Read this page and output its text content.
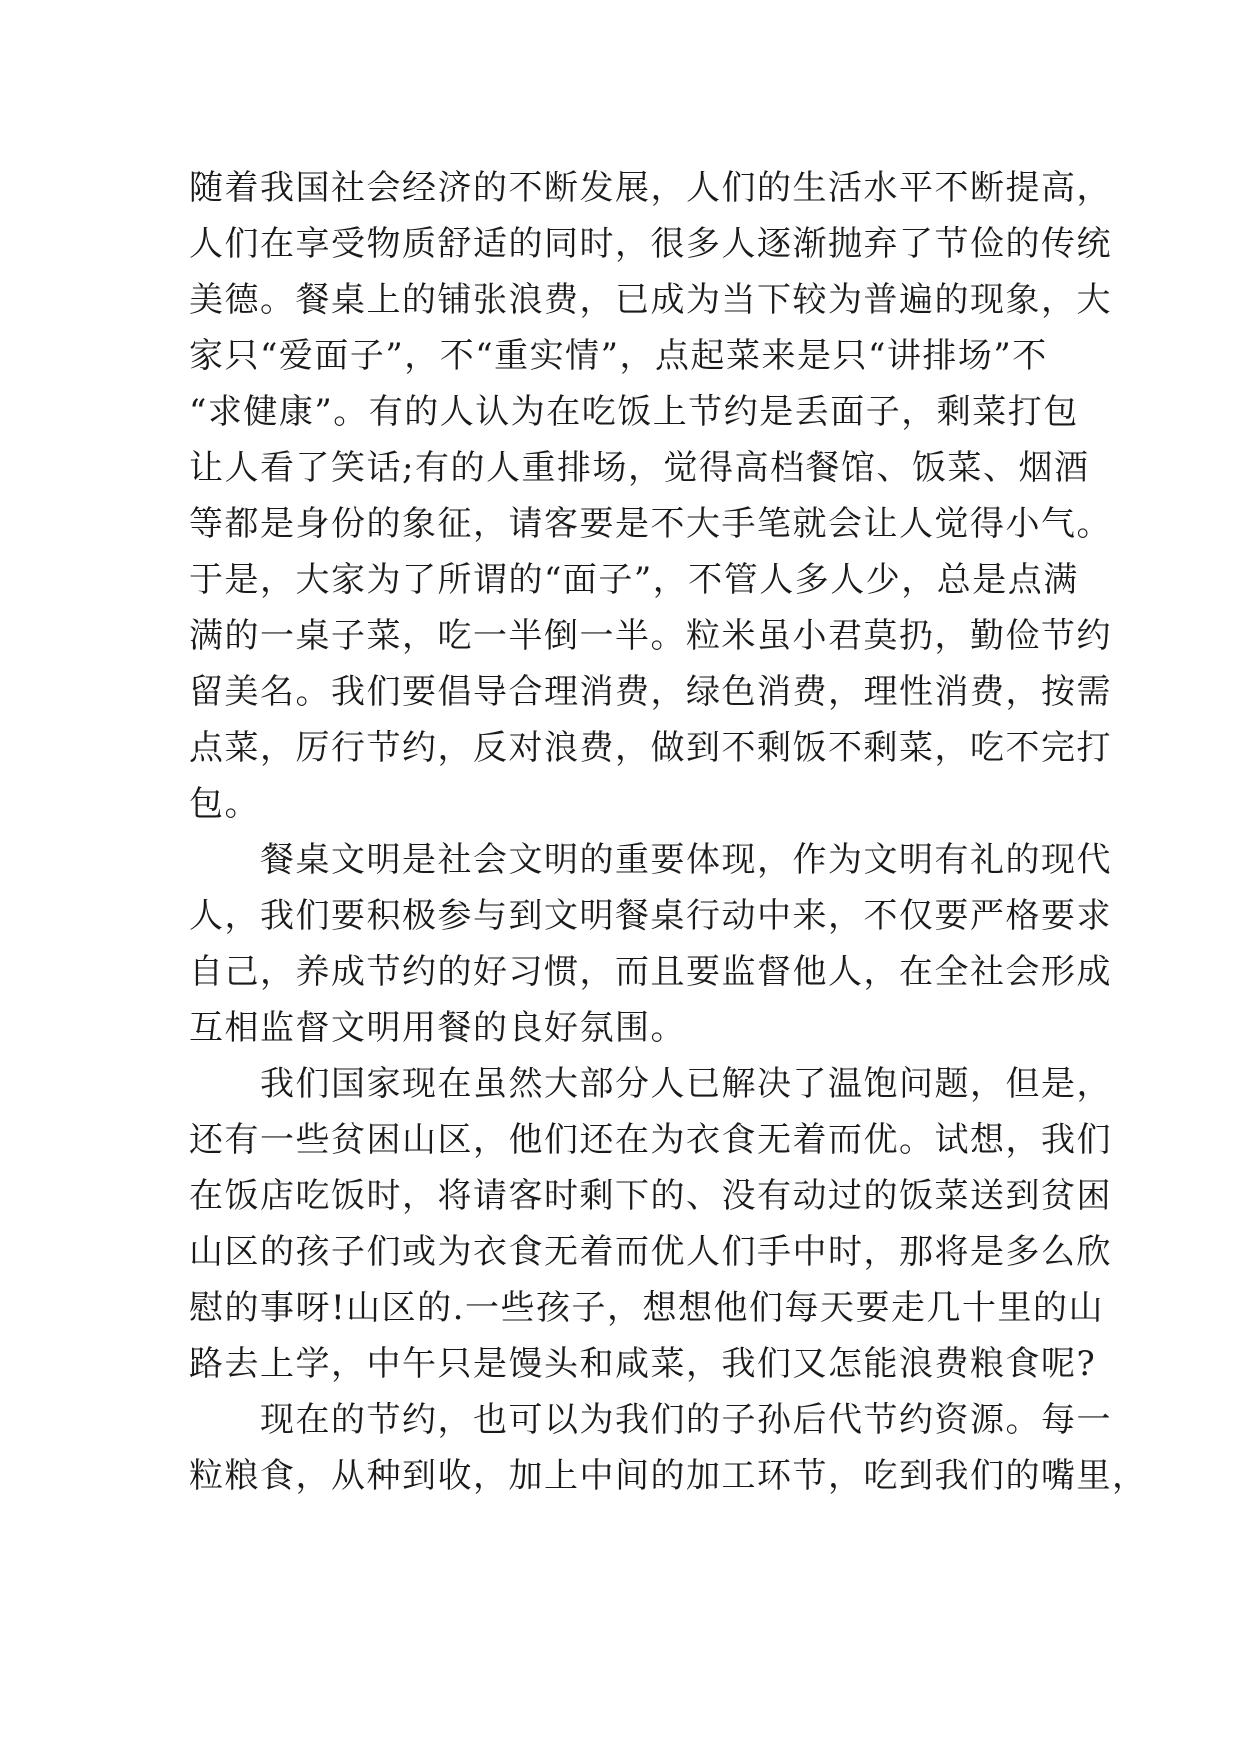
随着我国社会经济的不断发展，人们的生活水平不断提高，
人们在享受物质舒适的同时，很多人逐渐抛弃了节俭的传统
美德。餐桌上的铺张浪费，已成为当下较为普遍的现象，大
家只“爱面子”，不“重实情”，点起菜来是只“讲排场”不
“求健康”。有的人认为在吃饭上节约是丢面子，剩菜打包
让人看了笑话;有的人重排场，觉得高档餐馆、饭菜、烟酒
等都是身份的象征，请客要是不大手笔就会让人觉得小气。
于是，大家为了所谓的“面子”，不管人多人少，总是点满
满的一桌子菜，吃一半倒一半。粒米虽小君莫扔，勤俭节约
留美名。我们要倡导合理消费，绿色消费，理性消费，按需
点菜，厉行节约，反对浪费，做到不剩饭不剩菜，吃不完打
包。
　　餐桌文明是社会文明的重要体现，作为文明有礼的现代
人，我们要积极参与到文明餐桌行动中来，不仅要严格要求
自己，养成节约的好习惯，而且要监督他人，在全社会形成
互相监督文明用餐的良好氛围。
　　我们国家现在虽然大部分人已解决了温饱问题，但是，
还有一些贫困山区，他们还在为衣食无着而优。试想，我们
在饭店吃饭时，将请客时剩下的、没有动过的饭菜送到贫困
山区的孩子们或为衣食无着而优人们手中时，那将是多么欣
慰的事呀!山区的.一些孩子，想想他们每天要走几十里的山
路去上学，中午只是馒头和咸菜，我们又怎能浪费粮食呢?
　　现在的节约，也可以为我们的子孙后代节约资源。每一
粒粮食，从种到收，加上中间的加工环节，吃到我们的嘴里，
